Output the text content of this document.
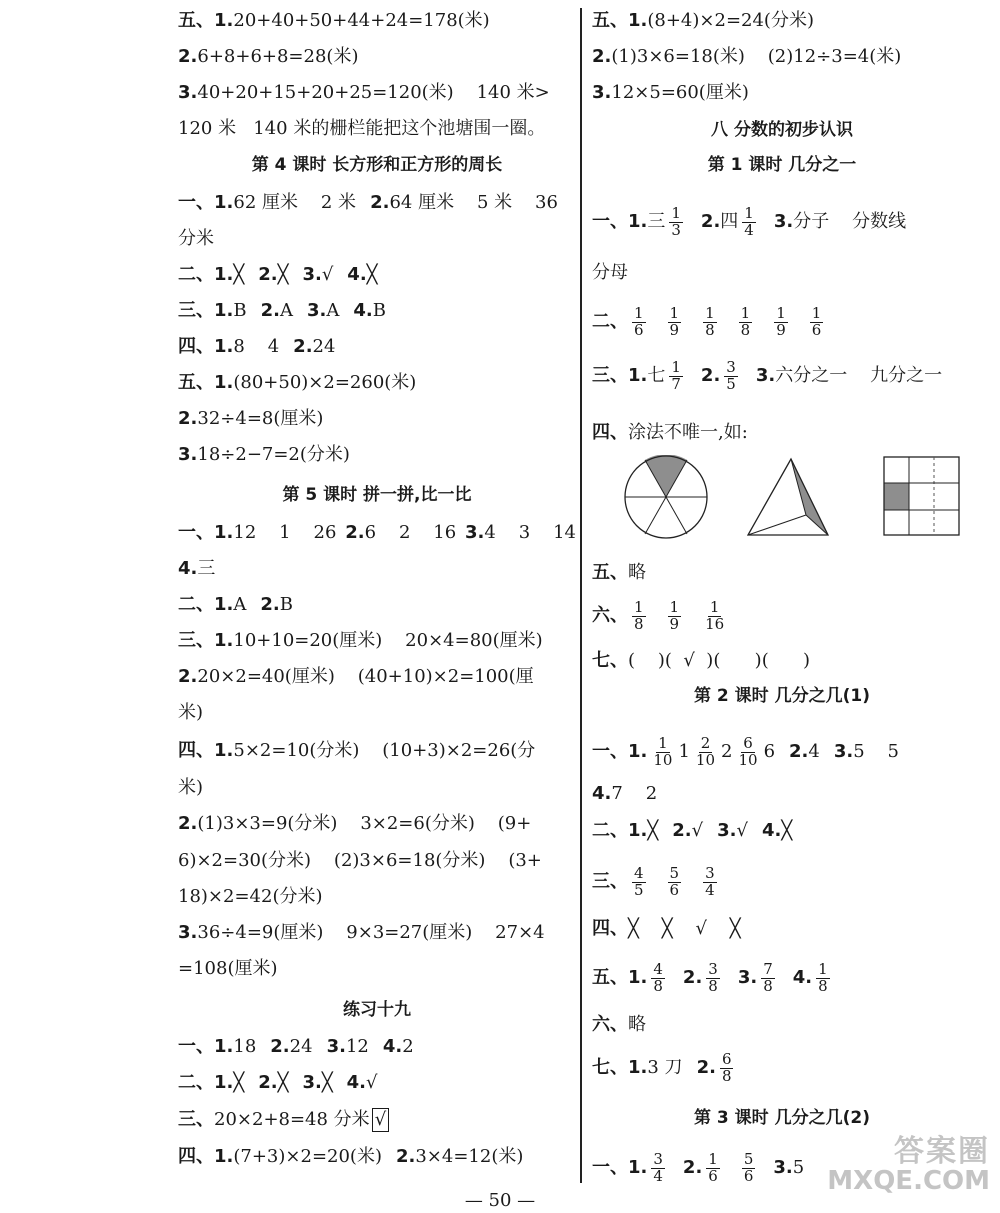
五、1. 20+40+50+44+24=178(米)
2. 6+8+6+8=28(米)
3. 40+20+15+20+25=120(米)    140 米>
120 米   140 米的栅栏能把这个池塘围一圈。
第 4 课时 长方形和正方形的周长
一、1. 62 厘米    2 米 2. 64 厘米    5 米    36
分米
二、1. ╳ 2. ╳ 3. √ 4. ╳
三、1. B 2. A 3. A 4. B
四、1. 8    4 2. 24
五、1. (80+50)×2=260(米)
2. 32÷4=8(厘米)
3. 18÷2−7=2(分米)
第 5 课时 拼一拼,比一比
一、1. 12    1    26 2. 6    2    16 3. 4    3    14
4. 三
二、1. A 2. B
三、1. 10+10=20(厘米)    20×4=80(厘米)
2. 20×2=40(厘米)    (40+10)×2=100(厘
米)
四、1. 5×2=10(分米)    (10+3)×2=26(分
米)
2. (1)3×3=9(分米)    3×2=6(分米)    (9+
6)×2=30(分米)    (2)3×6=18(分米)    (3+
18)×2=42(分米)
3. 36÷4=9(厘米)    9×3=27(厘米)    27×4
=108(厘米)
练习十九
一、1. 18 2. 24 3. 12 4. 2
二、1. ╳ 2. ╳ 3. ╳ 4. √
三、 20×2+8=48 分米 √
四、1. (7+3)×2=20(米) 2. 3×4=12(米)
五、1. (8+4)×2=24(分米)
2. (1)3×6=18(米)    (2)12÷3=4(米)
3. 12×5=60(厘米)
八 分数的初步认识
第 1 课时 几分之一
一、1. 三 $\frac{1}{3} 2$. 四 $\frac{1}{4} 3$. 分子    分数线
分母
二、 $\frac{1}{6} \frac{1}{9} \frac{1}{8} \frac{1}{8} \frac{1}{9} \frac{1}{6}$
三、1. 七 $\frac{1}{7} 2$. $\frac{3}{5} 3$. 六分之一    九分之一
四、 涂法不唯一,如:
五、 略
六、 $\frac{1}{8} \frac{1}{9} \frac{1}{16}$
七、 (    )(  √  )(      )(      )
第 2 课时 几分之几(1)
一、1. $\frac{1}{10} 1 \frac{2}{10} 2 \frac{6}{10} 6$ 2. 4 3. 5    5
4. 7    2
二、1. ╳ 2. √ 3. √ 4. ╳
三、 $\frac{4}{5} \frac{5}{6} \frac{3}{4}$
四、 ╳    ╳    √    ╳
五、1. $\frac{4}{8} 2$. $\frac{3}{8} 3$. $\frac{7}{8} 4$. $\frac{1}{8}$
六、 略
七、1. 3 刀 2. $\frac{6}{8}$
第 3 课时 几分之几(2)
一、1. $\frac{3}{4} 2$. $\frac{1}{6} \frac{5}{6} 3$. 5
— 50 —
答案圈
MXQE.COM
